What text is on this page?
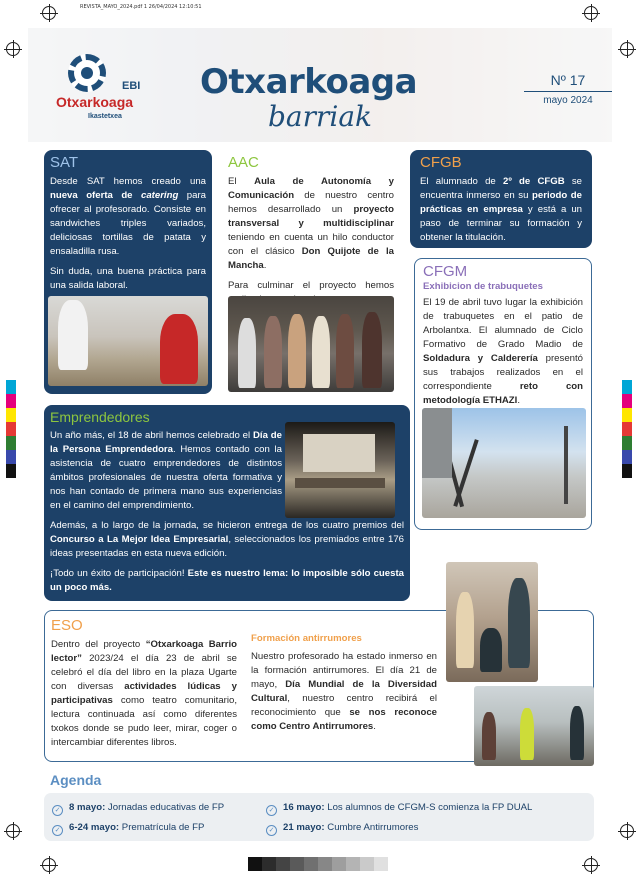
REVISTA_MAYO_2024.pdf 1 26/04/2024 12:10:51
EBI
Otxarkoaga
Ikastetxea
Otxarkoaga
barriak
Nº 17
mayo 2024
SAT

Desde SAT hemos creado una nueva oferta de catering para ofrecer al profesorado. Consiste en sandwiches triples variados, deliciosas tortillas de patata y ensaladilla rusa.

Sin duda, una buena práctica para una salida laboral.

AAC

El Aula de Autonomía y Comunicación de nuestro centro hemos desarrollado un proyecto transversal y multidisciplinar teniendo en cuenta un hilo conductor con el clásico Don Quijote de la Mancha.

Para culminar el proyecto hemos

CFGB

El alumnado de 2º de CFGB se encuentra inmerso en su periodo de prácticas en empresa y está a un paso de terminar su formación y obtener la titulación.

CFGM
Exhibicion de trabuquetes

El 19 de abril tuvo lugar la exhibición de trabuquetes en el patio de Arbolantxa. El alumnado de Ciclo Formativo de Grado Madio de Soldadura y Calderería presentó sus trabajos realizados en el correspondiente reto con metodología ETHAZI.

Emprendedores

Un año más, el 18 de abril hemos celebrado el Día de la Persona Emprendedora. Hemos contado con la asistencia de cuatro emprendedores de distintos ámbitos profesionales de nuestra oferta formativa y nos han contado de primera mano sus experiencias en el camino del emprendimiento.

Además, a lo largo de la jornada, se hicieron entrega de los cuatro premios del Concurso a La Mejor Idea Empresarial, seleccionados los premiados entre 176 ideas presentadas en esta nueva edición.

¡Todo un éxito de participación! Este es nuestro lema: lo imposible sólo cuesta un poco más.

ESO

Dentro del proyecto “Otxarkoaga Barrio lector” 2023/24 el día 23 de abril se celebró el día del libro en la plaza Ugarte con diversas actividades lúdicas y participativas como teatro comunitario, lectura continuada así como diferentes txokos donde se pudo leer, mirar, coger o intercambiar diferentes libros.

Formación antirrumores

Nuestro profesorado ha estado inmerso en la formación antirrumores. El día 21 de mayo, Día Mundial de la Diversidad Cultural, nuestro centro recibirá el reconocimiento que se nos reconoce como Centro Antirrumores.

Agenda
✓ 8 mayo: Jornadas educativas de FP	✓ 16 mayo: Los alumnos de CFGM-S comienza la FP DUAL
✓ 6-24 mayo: Prematrícula de FP	✓ 21 mayo: Cumbre Antirrumores
